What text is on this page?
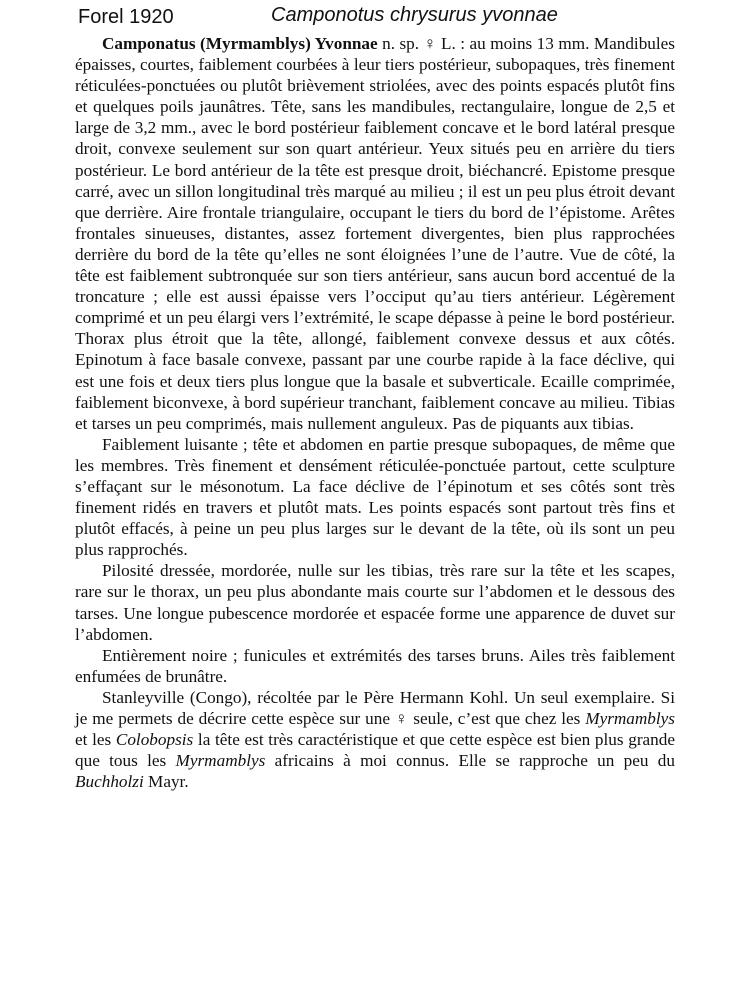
Forel 1920	Camponotus chrysurus yvonnae

Camponatus (Myrmamblys) Yvonnae n. sp. ♀ L. : au moins 13 mm. Mandibules épaisses, courtes, faiblement courbées à leur tiers postérieur, subopaques, très finement réticulées-ponctuées ou plutôt brièvement striolées, avec des points espacés plutôt fins et quelques poils jaunâtres. Tête, sans les mandibules, rectangulaire, longue de 2,5 et large de 3,2 mm., avec le bord postérieur faiblement concave et le bord latéral presque droit, convexe seulement sur son quart antérieur. Yeux situés peu en arrière du tiers postérieur. Le bord antérieur de la tête est presque droit, biéchancré. Epistome presque carré, avec un sillon longitudinal très marqué au milieu ; il est un peu plus étroit devant que derrière. Aire frontale triangulaire, occupant le tiers du bord de l’épistome. Arêtes frontales sinueuses, distantes, assez fortement divergentes, bien plus rapprochées derrière du bord de la tête qu’elles ne sont éloignées l’une de l’autre. Vue de côté, la tête est faiblement subtronquée sur son tiers antérieur, sans aucun bord accentué de la troncature ; elle est aussi épaisse vers l’occiput qu’au tiers antérieur. Légèrement comprimé et un peu élargi vers l’extrémité, le scape dépasse à peine le bord postérieur. Thorax plus étroit que la tête, allongé, faiblement convexe dessus et aux côtés. Epinotum à face basale convexe, passant par une courbe rapide à la face déclive, qui est une fois et deux tiers plus longue que la basale et subverticale. Ecaille comprimée, faiblement biconvexe, à bord supérieur tranchant, faiblement concave au milieu. Tibias et tarses un peu comprimés, mais nullement anguleux. Pas de piquants aux tibias.

Faiblement luisante ; tête et abdomen en partie presque subopaques, de même que les membres. Très finement et densément réticulée-ponctuée partout, cette sculpture s’effaçant sur le mésonotum. La face déclive de l’épinotum et ses côtés sont très finement ridés en travers et plutôt mats. Les points espacés sont partout très fins et plutôt effacés, à peine un peu plus larges sur le devant de la tête, où ils sont un peu plus rapprochés.

Pilosité dressée, mordorée, nulle sur les tibias, très rare sur la tête et les scapes, rare sur le thorax, un peu plus abondante mais courte sur l’abdomen et le dessous des tarses. Une longue pubescence mordorée et espacée forme une apparence de duvet sur l’abdomen.

Entièrement noire ; funicules et extrémités des tarses bruns. Ailes très faiblement enfumées de brunâtre.

Stanleyville (Congo), récoltée par le Père Hermann Kohl. Un seul exemplaire. Si je me permets de décrire cette espèce sur une ♀ seule, c’est que chez les Myrmamblys et les Colobopsis la tête est très caractéristique et que cette espèce est bien plus grande que tous les Myrmamblys africains à moi connus. Elle se rapproche un peu du Buchholzi Mayr.
